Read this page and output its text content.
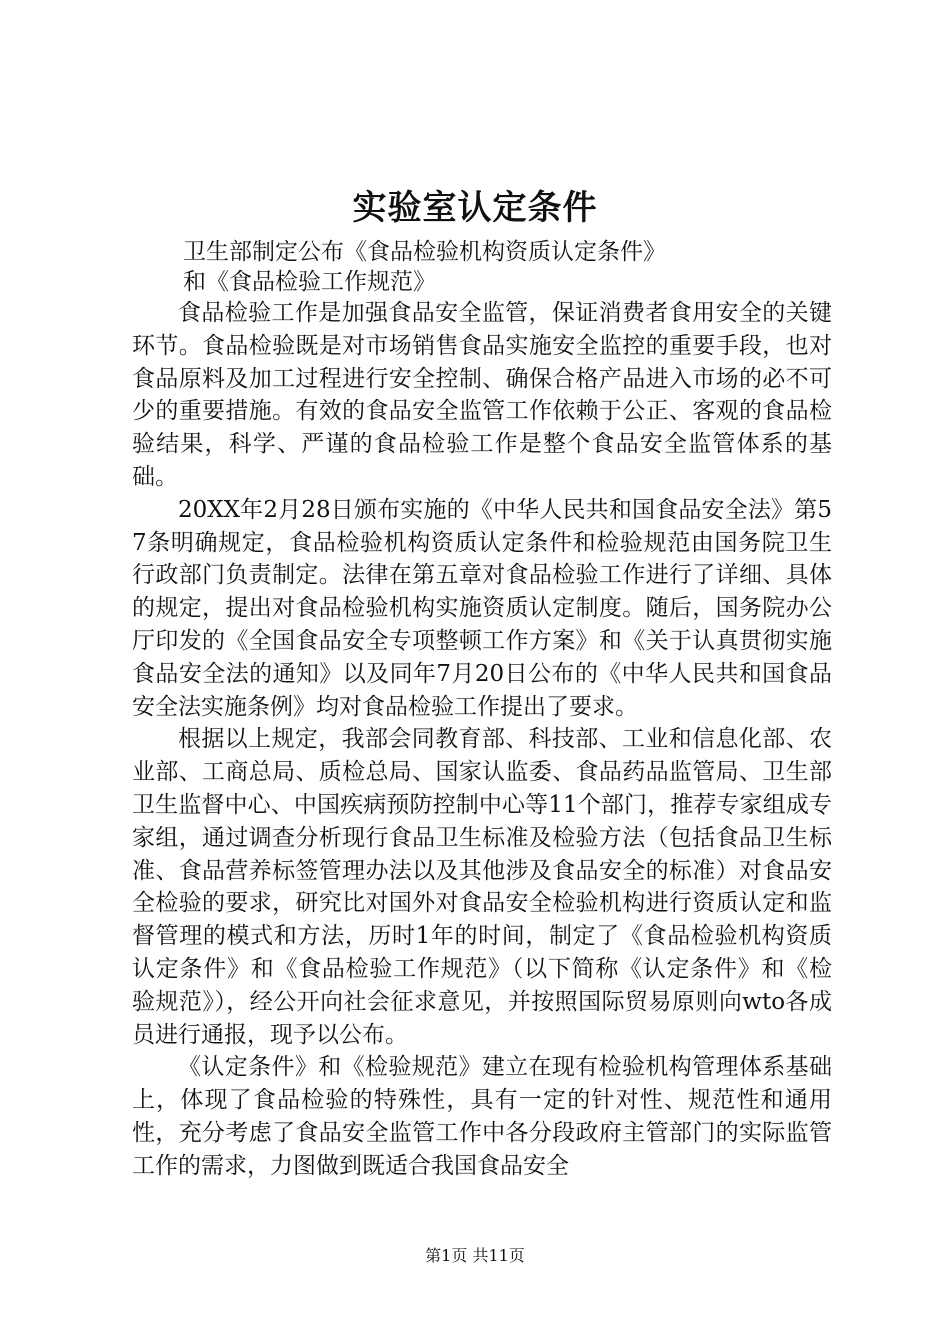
实验室认定条件
卫生部制定公布《食品检验机构资质认定条件》
和《食品检验工作规范》

食品检验工作是加强食品安全监管，保证消费者食用安全的关键环节。食品检验既是对市场销售食品实施安全监控的重要手段，也对食品原料及加工过程进行安全控制、确保合格产品进入市场的必不可少的重要措施。有效的食品安全监管工作依赖于公正、客观的食品检验结果，科学、严谨的食品检验工作是整个食品安全监管体系的基础。

20XX年2月28日颁布实施的《中华人民共和国食品安全法》第57条明确规定，食品检验机构资质认定条件和检验规范由国务院卫生行政部门负责制定。法律在第五章对食品检验工作进行了详细、具体的规定，提出对食品检验机构实施资质认定制度。随后，国务院办公厅印发的《全国食品安全专项整顿工作方案》和《关于认真贯彻实施食品安全法的通知》以及同年7月20日公布的《中华人民共和国食品安全法实施条例》均对食品检验工作提出了要求。

根据以上规定，我部会同教育部、科技部、工业和信息化部、农业部、工商总局、质检总局、国家认监委、食品药品监管局、卫生部卫生监督中心、中国疾病预防控制中心等11个部门，推荐专家组成专家组，通过调查分析现行食品卫生标准及检验方法（包括食品卫生标准、食品营养标签管理办法以及其他涉及食品安全的标准）对食品安全检验的要求，研究比对国外对食品安全检验机构进行资质认定和监督管理的模式和方法，历时1年的时间，制定了《食品检验机构资质认定条件》和《食品检验工作规范》（以下简称《认定条件》和《检验规范》），经公开向社会征求意见，并按照国际贸易原则向wto各成员进行通报，现予以公布。

《认定条件》和《检验规范》建立在现有检验机构管理体系基础上，体现了食品检验的特殊性，具有一定的针对性、规范性和通用性，充分考虑了食品安全监管工作中各分段政府主管部门的实际监管工作的需求，力图做到既适合我国食品安全

第1页 共11页
